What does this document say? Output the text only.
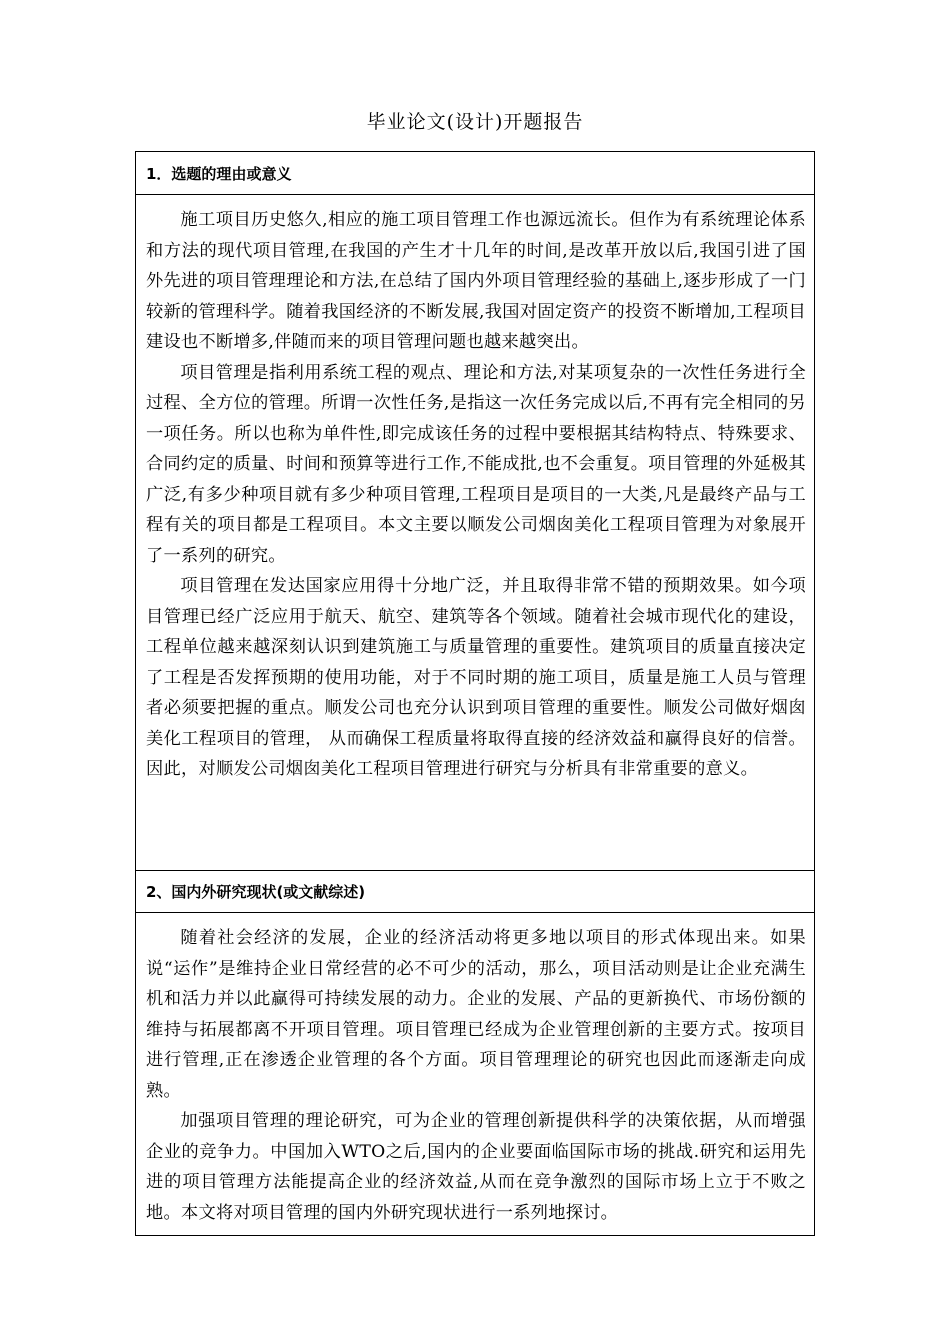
毕业论文(设计)开题报告
1．选题的理由或意义

施工项目历史悠久,相应的施工项目管理工作也源远流长。但作为有系统理论体系和方法的现代项目管理,在我国的产生才十几年的时间,是改革开放以后,我国引进了国外先进的项目管理理论和方法,在总结了国内外项目管理经验的基础上,逐步形成了一门较新的管理科学。随着我国经济的不断发展,我国对固定资产的投资不断增加,工程项目建设也不断增多,伴随而来的项目管理问题也越来越突出。

项目管理是指利用系统工程的观点、理论和方法,对某项复杂的一次性任务进行全过程、全方位的管理。所谓一次性任务,是指这一次任务完成以后,不再有完全相同的另一项任务。所以也称为单件性,即完成该任务的过程中要根据其结构特点、特殊要求、合同约定的质量、时间和预算等进行工作,不能成批,也不会重复。项目管理的外延极其广泛,有多少种项目就有多少种项目管理,工程项目是项目的一大类,凡是最终产品与工程有关的项目都是工程项目。本文主要以顺发公司烟囱美化工程项目管理为对象展开了一系列的研究。

项目管理在发达国家应用得十分地广泛，并且取得非常不错的预期效果。如今项目管理已经广泛应用于航天、航空、建筑等各个领域。随着社会城市现代化的建设，工程单位越来越深刻认识到建筑施工与质量管理的重要性。建筑项目的质量直接决定了工程是否发挥预期的使用功能，对于不同时期的施工项目，质量是施工人员与管理者必须要把握的重点。顺发公司也充分认识到项目管理的重要性。顺发公司做好烟囱美化工程项目的管理， 从而确保工程质量将取得直接的经济效益和赢得良好的信誉。因此，对顺发公司烟囱美化工程项目管理进行研究与分析具有非常重要的意义。

2、国内外研究现状(或文献综述)

随着社会经济的发展，企业的经济活动将更多地以项目的形式体现出来。如果说“运作”是维持企业日常经营的必不可少的活动，那么，项目活动则是让企业充满生机和活力并以此赢得可持续发展的动力。企业的发展、产品的更新换代、市场份额的维持与拓展都离不开项目管理。项目管理已经成为企业管理创新的主要方式。按项目进行管理,正在渗透企业管理的各个方面。项目管理理论的研究也因此而逐渐走向成熟。

加强项目管理的理论研究，可为企业的管理创新提供科学的决策依据，从而增强企业的竞争力。中国加入WTO之后,国内的企业要面临国际市场的挑战.研究和运用先进的项目管理方法能提高企业的经济效益,从而在竞争激烈的国际市场上立于不败之地。本文将对项目管理的国内外研究现状进行一系列地探讨。
